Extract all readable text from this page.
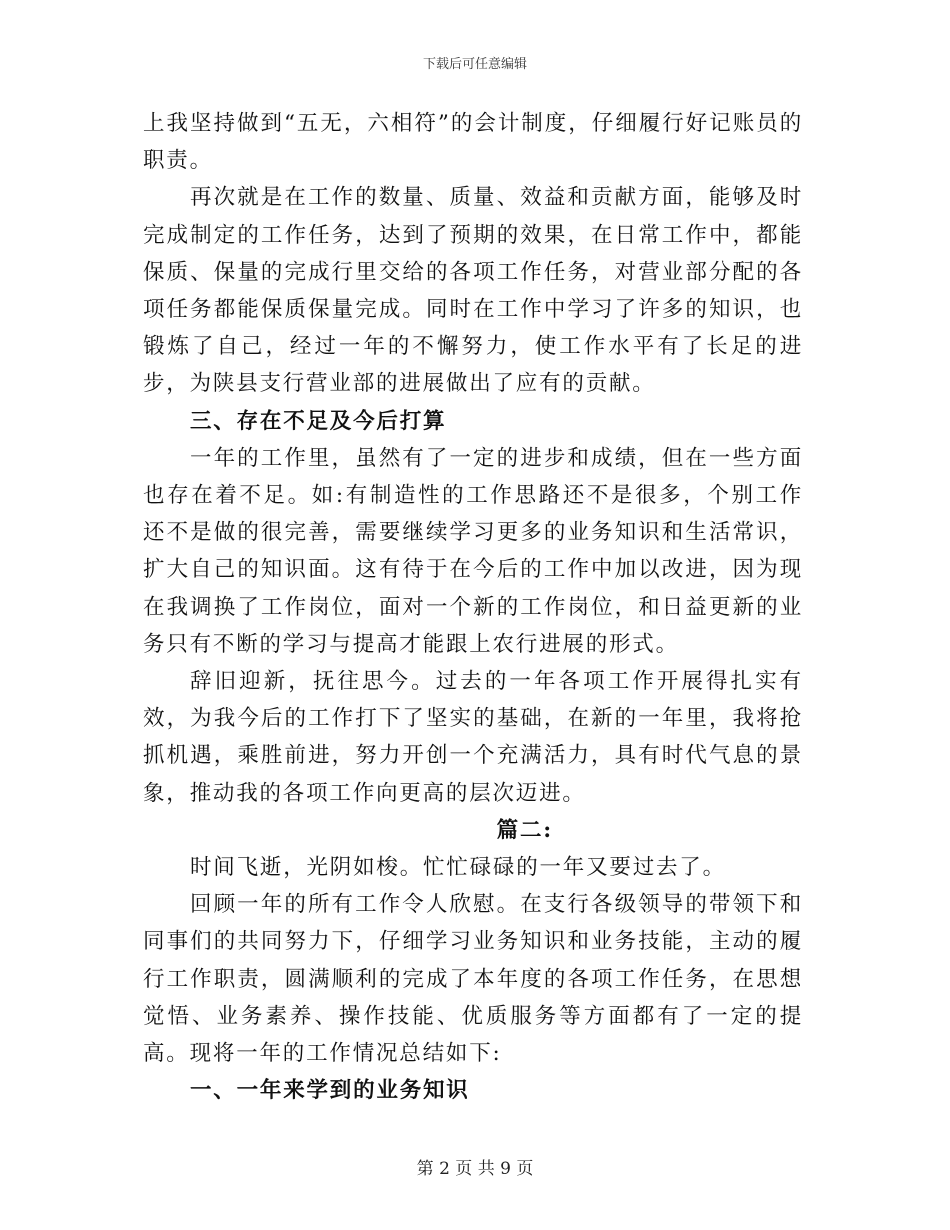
下载后可任意编辑

上我坚持做到“五无，六相符”的会计制度，仔细履行好记账员的职责。

再次就是在工作的数量、质量、效益和贡献方面，能够及时完成制定的工作任务，达到了预期的效果，在日常工作中，都能保质、保量的完成行里交给的各项工作任务，对营业部分配的各项任务都能保质保量完成。同时在工作中学习了许多的知识，也锻炼了自己，经过一年的不懈努力，使工作水平有了长足的进步，为陕县支行营业部的进展做出了应有的贡献。

三、存在不足及今后打算

一年的工作里，虽然有了一定的进步和成绩，但在一些方面也存在着不足。如:有制造性的工作思路还不是很多，个别工作还不是做的很完善，需要继续学习更多的业务知识和生活常识，扩大自己的知识面。这有待于在今后的工作中加以改进，因为现在我调换了工作岗位，面对一个新的工作岗位，和日益更新的业务只有不断的学习与提高才能跟上农行进展的形式。

辞旧迎新，抚往思今。过去的一年各项工作开展得扎实有效，为我今后的工作打下了坚实的基础，在新的一年里，我将抢抓机遇，乘胜前进，努力开创一个充满活力，具有时代气息的景象，推动我的各项工作向更高的层次迈进。

篇二:

时间飞逝，光阴如梭。忙忙碌碌的一年又要过去了。

回顾一年的所有工作令人欣慰。在支行各级领导的带领下和同事们的共同努力下，仔细学习业务知识和业务技能，主动的履行工作职责，圆满顺利的完成了本年度的各项工作任务，在思想觉悟、业务素养、操作技能、优质服务等方面都有了一定的提高。现将一年的工作情况总结如下:

一、一年来学到的业务知识

第 2 页 共 9 页
